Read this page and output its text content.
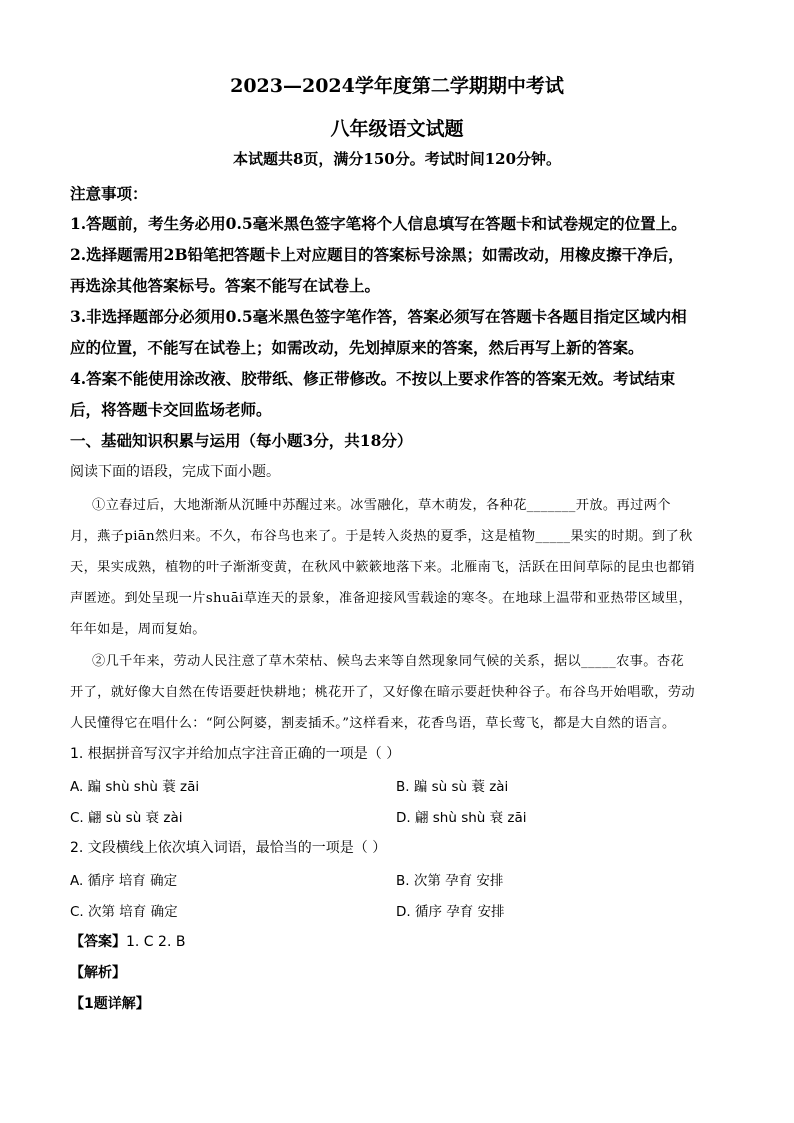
2023—2024学年度第二学期期中考试
八年级语文试题
本试题共8页，满分150分。考试时间120分钟。
注意事项：
1.答题前，考生务必用0.5毫米黑色签字笔将个人信息填写在答题卡和试卷规定的位置上。
2.选择题需用2B铅笔把答题卡上对应题目的答案标号涂黑；如需改动，用橡皮擦干净后，
再选涂其他答案标号。答案不能写在试卷上。
3.非选择题部分必须用0.5毫米黑色签字笔作答，答案必须写在答题卡各题目指定区域内相
应的位置，不能写在试卷上；如需改动，先划掉原来的答案，然后再写上新的答案。
4.答案不能使用涂改液、胶带纸、修正带修改。不按以上要求作答的答案无效。考试结束
后，将答题卡交回监场老师。
一、基础知识积累与运用（每小题3分，共18分）
阅读下面的语段，完成下面小题。
①立春过后，大地渐渐从沉睡中苏醒过来。冰雪融化，草木萌发，各种花_______开放。再过两个
月，燕子piān然归来。不久，布谷鸟也来了。于是转入炎热的夏季，这是植物_____果实的时期。到了秋
天，果实成熟，植物的叶子渐渐变黄，在秋风中簌簌地落下来。北雁南飞，活跃在田间草际的昆虫也都销
声匿迹。到处呈现一片shuāi草连天的景象，准备迎接风雪载途的寒冬。在地球上温带和亚热带区域里，
年年如是，周而复始。
②几千年来，劳动人民注意了草木荣枯、候鸟去来等自然现象同气候的关系，据以_____农事。杏花
开了，就好像大自然在传语要赶快耕地；桃花开了，又好像在暗示要赶快种谷子。布谷鸟开始唱歌，劳动
人民懂得它在唱什么：“阿公阿婆，割麦插禾。”这样看来，花香鸟语，草长莺飞，都是大自然的语言。
1. 根据拼音写汉字并给加点字注音正确的一项是（ ）
A. 蹁 shù shù 蓑 zāi	B. 蹁 sù sù 蓑 zài
C. 翩 sù sù 衰 zài	D. 翩 shù shù 衰 zāi
2. 文段横线上依次填入词语，最恰当的一项是（ ）
A. 循序 培育 确定	B. 次第 孕育 安排
C. 次第 培育 确定	D. 循序 孕育 安排
【答案】1. C 2. B
【解析】
【1题详解】
